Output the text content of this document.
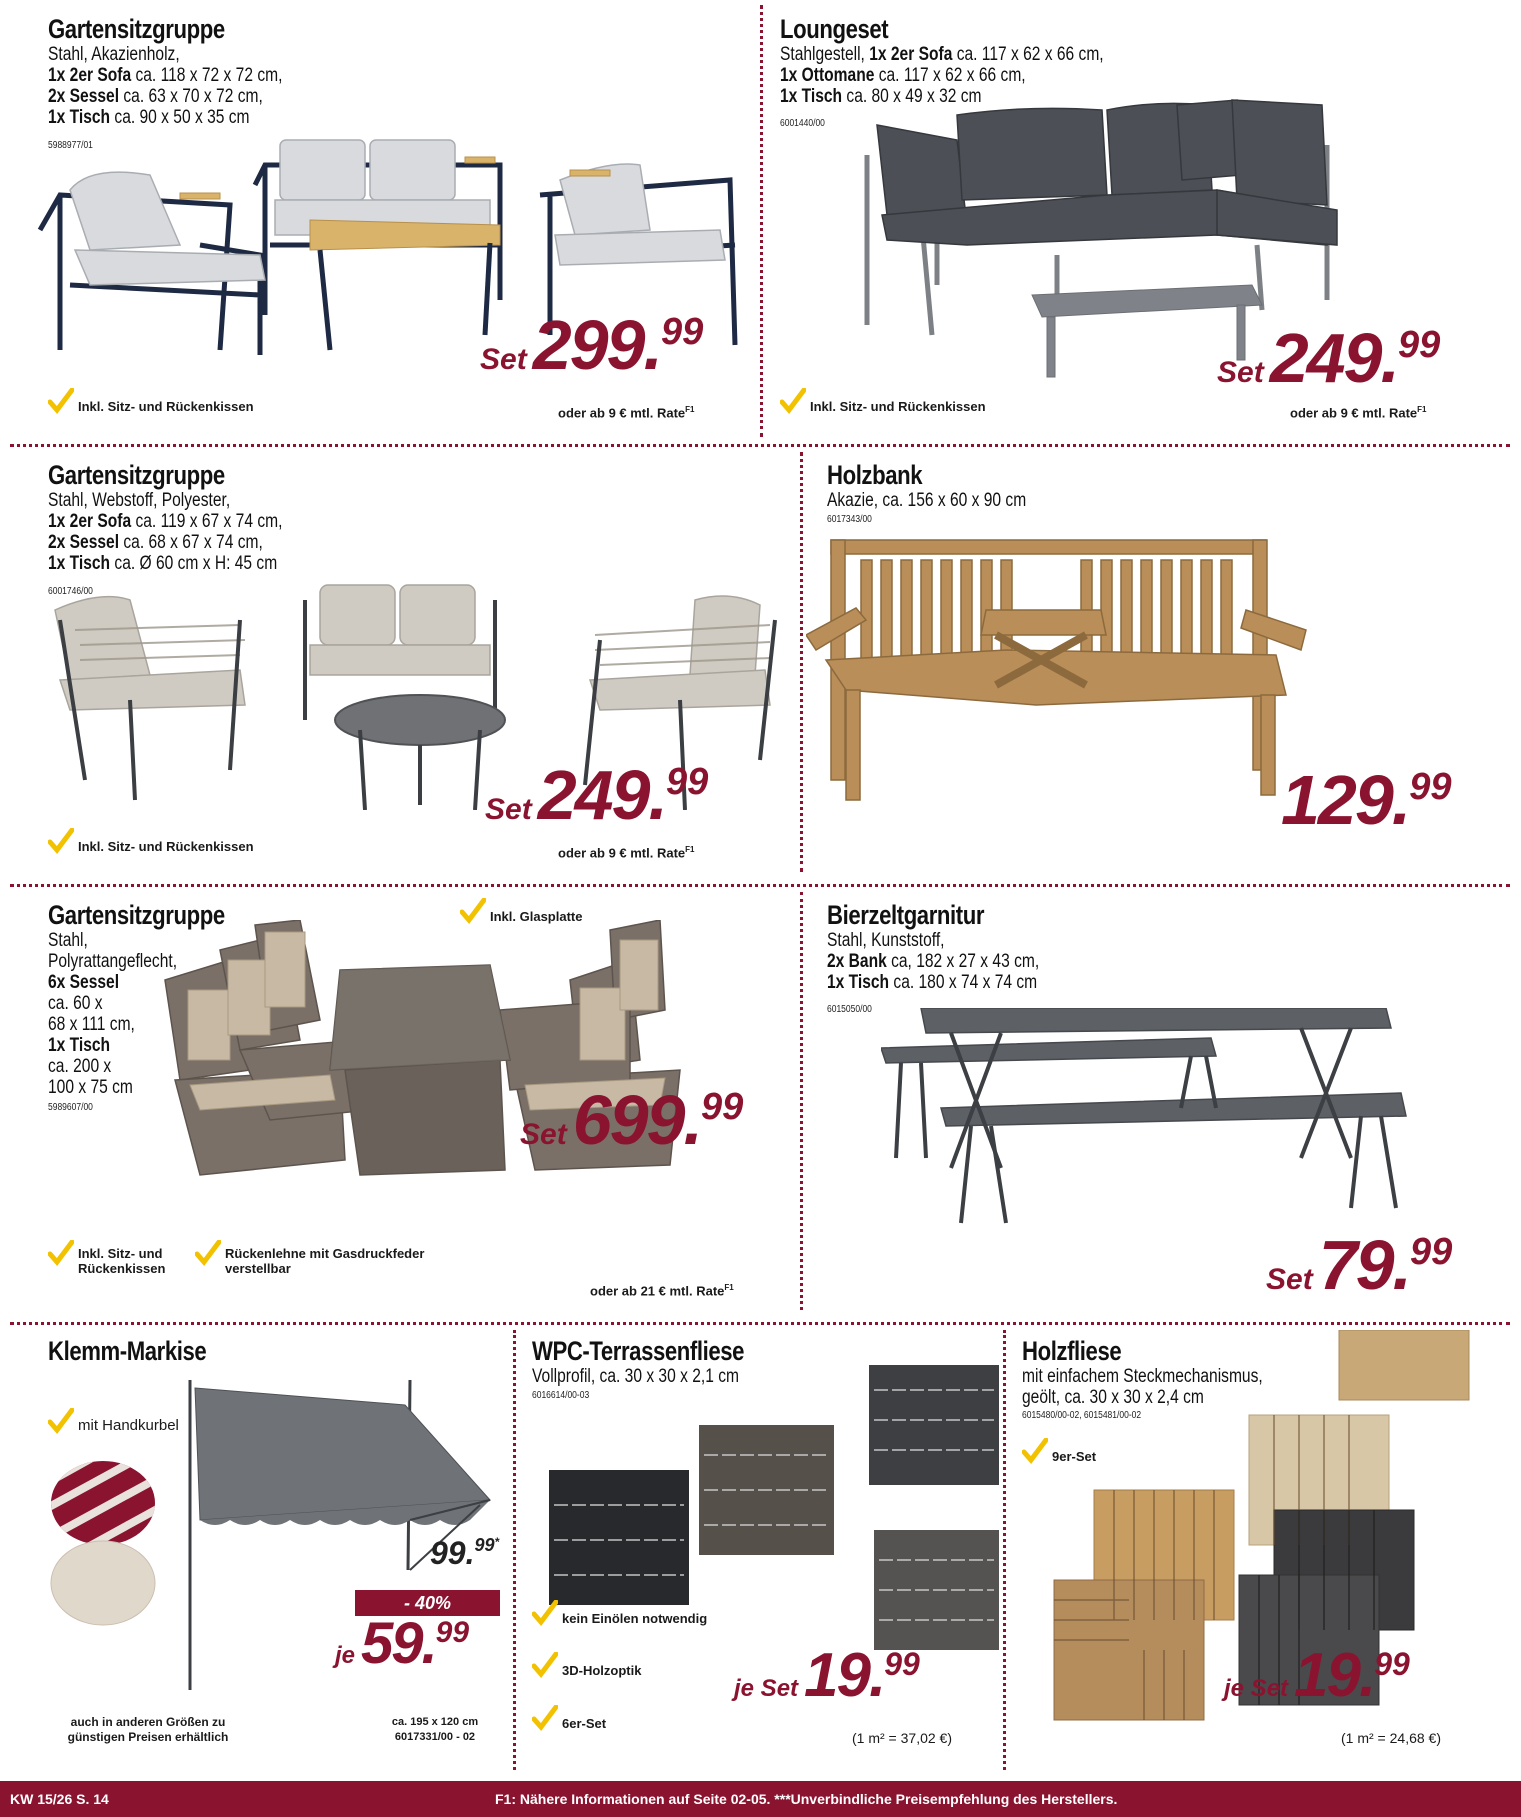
Gartensitzgruppe
Stahl, Akazienholz,
1x 2er Sofa ca. 118 x 72 x 72 cm,
2x Sessel ca. 63 x 70 x 72 cm,
1x Tisch ca. 90 x 50 x 35 cm
5988977/01
Set299.99
Inkl. Sitz- und Rückenkissen	oder ab 9 € mtl. Rate$^{F1}$
Loungeset
Stahlgestell, 1x 2er Sofa ca. 117 x 62 x 66 cm,
1x Ottomane ca. 117 x 62 x 66 cm,
1x Tisch ca. 80 x 49 x 32 cm
6001440/00
Set249.99
Inkl. Sitz- und Rückenkissen	oder ab 9 € mtl. Rate$^{F1}$
Gartensitzgruppe
Stahl, Webstoff, Polyester,
1x 2er Sofa ca. 119 x 67 x 74 cm,
2x Sessel ca. 68 x 67 x 74 cm,
1x Tisch ca. Ø 60 cm x H: 45 cm
6001746/00
Set249.99
Inkl. Sitz- und Rückenkissen	oder ab 9 € mtl. Rate$^{F1}$
Holzbank
Akazie, ca. 156 x 60 x 90 cm
6017343/00
129.99
Gartensitzgruppe
Stahl,
Polyrattangeflecht,
6x Sessel
ca. 60 x
68 x 111 cm,
1x Tisch
ca. 200 x
100 x 75 cm
5989607/00
Inkl. Glasplatte
Set699.99
Inkl. Sitz- und Rückenkissen
Rückenlehne mit Gasdruckfeder verstellbar
oder ab 21 € mtl. Rate$^{F1}$
Bierzeltgarnitur
Stahl, Kunststoff,
2x Bank ca, 182 x 27 x 43 cm,
1x Tisch ca. 180 x 74 x 74 cm
6015050/00
Set79.99
Klemm-Markise
mit Handkurbel
99.99*
- 40%
je 59.99
auch in anderen Größen zu günstigen Preisen erhältlich
ca. 195 x 120 cm
6017331/00 - 02
WPC-Terrassenfliese
Vollprofil, ca. 30 x 30 x 2,1 cm
6016614/00-03
kein Einölen notwendig
3D-Holzoptik
6er-Set
je Set19.99
(1 m² = 37,02 €)
Holzfliese
mit einfachem Steckmechanismus,
geölt, ca. 30 x 30 x 2,4 cm
6015480/00-02, 6015481/00-02
9er-Set
je Set19.99
(1 m² = 24,68 €)
KW 15/26 S. 14	F1: Nähere Informationen auf Seite 02-05. ***Unverbindliche Preisempfehlung des Herstellers.
